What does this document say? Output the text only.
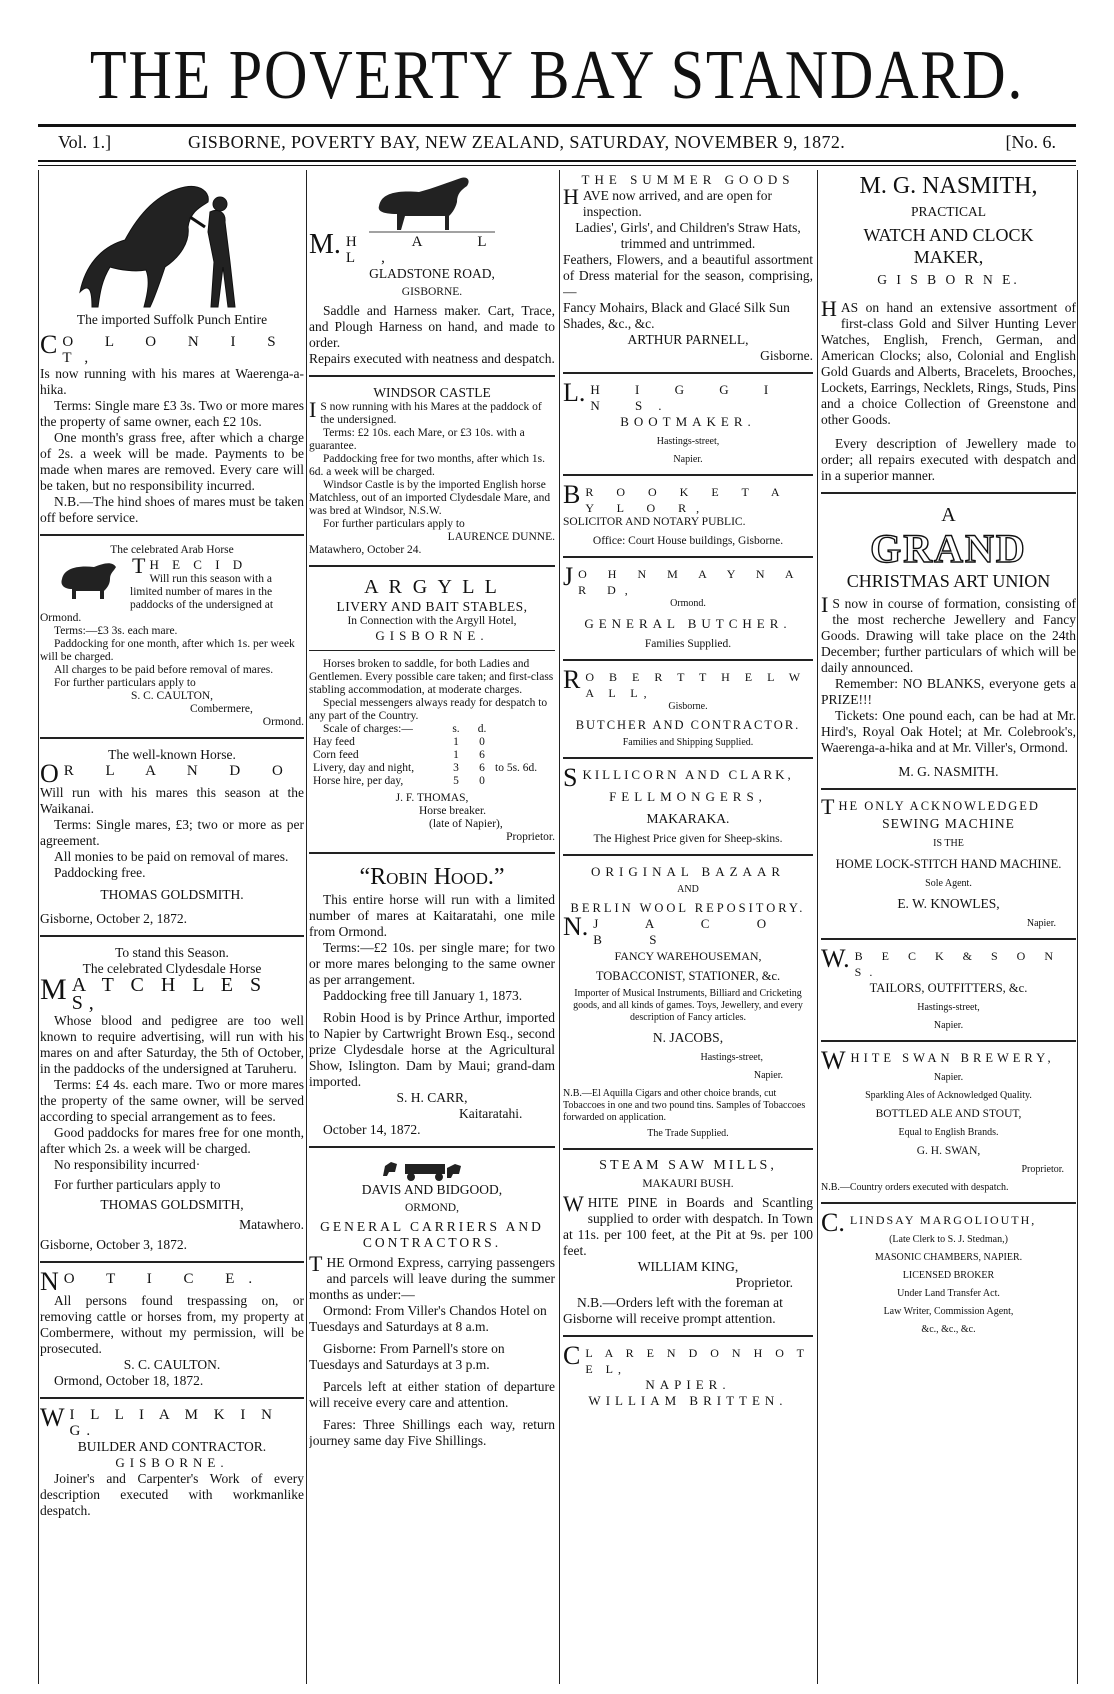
THE POVERTY BAY STANDARD.
Vol. 1.]	GISBORNE, POVERTY BAY, NEW ZEALAND, SATURDAY, NOVEMBER 9, 1872.	[No. 6.

The imported Suffolk Punch Entire

C O L O N I S T,

Is now running with his mares at Waerenga-a-hika.

Terms: Single mare £3 3s. Two or more mares the property of same owner, each £2 10s.

One month's grass free, after which a charge of 2s. a week will be made. Payments to be made when mares are removed. Every care will be taken, but no responsibility incurred.

N.B.—The hind shoes of mares must be taken off before service.

The celebrated Arab Horse

T H E C I D

Will run this season with a limited number of mares in the paddocks of the undersigned at Ormond.

Terms:—£3 3s. each mare.

Paddocking for one month, after which 1s. per week will be charged.

All charges to be paid before removal of mares.

For further particulars apply to

S. C. CAULTON,

Combermere,

Ormond.

The well-known Horse.

O R L A N D O

Will run with his mares this season at the Waikanai.

Terms: Single mares, £3; two or more as per agreement.

All monies to be paid on removal of mares.

Paddocking free.

THOMAS GOLDSMITH.

Gisborne, October 2, 1872.

To stand this Season.

The celebrated Clydesdale Horse

M A T C H L E S S,

Whose blood and pedigree are too well known to require advertising, will run with his mares on and after Saturday, the 5th of October, in the paddocks of the undersigned at Taruheru.

Terms: £4 4s. each mare. Two or more mares the property of the same owner, will be served according to special arrangement as to fees.

Good paddocks for mares free for one month, after which 2s. a week will be charged.

No responsibility incurred·

For further particulars apply to

THOMAS GOLDSMITH,

Matawhero.

Gisborne, October 3, 1872.

N O T I C E.

All persons found trespassing on, or removing cattle or horses from, my property at Combermere, without my permission, will be prosecuted.

S. C. CAULTON.

Ormond, October 18, 1872.

W I L L I A M K I N G.

BUILDER AND CONTRACTOR.

GISBORNE.

Joiner's and Carpenter's Work of every description executed with workmanlike despatch.

M. H A L L,

GLADSTONE ROAD,

GISBORNE.

Saddle and Harness maker. Cart, Trace, and Plough Harness on hand, and made to order.

Repairs executed with neatness and despatch.

WINDSOR CASTLE

I S now running with his Mares at the paddock of the undersigned.

Terms: £2 10s. each Mare, or £3 10s. with a guarantee.

Paddocking free for two months, after which 1s. 6d. a week will be charged.

Windsor Castle is by the imported English horse Matchless, out of an imported Clydesdale Mare, and was bred at Windsor, N.S.W.

For further particulars apply to

LAURENCE DUNNE.

Matawhero, October 24.

A R G Y L L

LIVERY AND BAIT STABLES,

In Connection with the Argyll Hotel,

GISBORNE.

Horses broken to saddle, for both Ladies and Gentlemen. Every possible care taken; and first-class stabling accommodation, at moderate charges.

Special messengers always ready for despatch to any part of the Country.

Scale of charges:—	s.	d.	
Hay feed	1	0	
Corn feed	1	6	
Livery, day and night,	3	6	to 5s. 6d.
Horse hire, per day,	5	0	

J. F. THOMAS,

Horse breaker.

(late of Napier),

Proprietor.

“Robin Hood.”

This entire horse will run with a limited number of mares at Kaitaratahi, one mile from Ormond.

Terms:—£2 10s. per single mare; for two or more mares belonging to the same owner as per arrangement.

Paddocking free till January 1, 1873.

Robin Hood is by Prince Arthur, imported to Napier by Cartwright Brown Esq., second prize Clydesdale horse at the Agricultural Show, Islington. Dam by Maui; grand-dam imported.

S. H. CARR,

Kaitaratahi.

October 14, 1872.

DAVIS AND BIDGOOD,

ORMOND,

GENERAL CARRIERS AND

CONTRACTORS.

T HE Ormond Express, carrying passengers and parcels will leave during the summer months as under:—

Ormond: From Viller's Chandos Hotel on Tuesdays and Saturdays at 8 a.m.

Gisborne: From Parnell's store on Tuesdays and Saturdays at 3 p.m.

Parcels left at either station of departure will receive every care and attention.

Fares: Three Shillings each way, return journey same day Five Shillings.

THE SUMMER GOODS

H AVE now arrived, and are open for inspection.

Ladies', Girls', and Children's Straw Hats, trimmed and untrimmed.

Feathers, Flowers, and a beautiful assortment of Dress material for the season, comprising,—

Fancy Mohairs, Black and Glacé Silk Sun Shades, &c., &c.

ARTHUR PARNELL,

Gisborne.

L. H I G G I N S.

BOOTMAKER.

Hastings-street,

Napier.

B R O O K E T A Y L O R,

SOLICITOR AND NOTARY PUBLIC.

Office: Court House buildings, Gisborne.

J O H N M A Y N A R D,

Ormond.

GENERAL BUTCHER.

Families Supplied.

R O B E R T T H E L W A L L,

Gisborne.

BUTCHER AND CONTRACTOR.

Families and Shipping Supplied.

S KILLICORN AND CLARK,

FELLMONGERS,

MAKARAKA.

The Highest Price given for Sheep-skins.

ORIGINAL BAZAAR

AND

BERLIN WOOL REPOSITORY.

N. J A C O B S

FANCY WAREHOUSEMAN,

TOBACCONIST, STATIONER, &c.

Importer of Musical Instruments, Billiard and Cricketing goods, and all kinds of games. Toys, Jewellery, and every description of Fancy articles.

N. JACOBS,

Hastings-street,

Napier.

N.B.—El Aquilla Cigars and other choice brands, cut Tobaccoes in one and two pound tins. Samples of Tobaccoes forwarded on application.

The Trade Supplied.

STEAM SAW MILLS,

MAKAURI BUSH.

W HITE PINE in Boards and Scantling supplied to order with despatch. In Town at 11s. per 100 feet, at the Pit at 9s. per 100 feet.

WILLIAM KING,

Proprietor.

N.B.—Orders left with the foreman at Gisborne will receive prompt attention.

C L A R E N D O N H O T E L,

NAPIER.

WILLIAM BRITTEN.

M. G. NASMITH,

PRACTICAL

WATCH AND CLOCK

MAKER,

G I S B O R N E.

H AS on hand an extensive assortment of first-class Gold and Silver Hunting Lever Watches, English, French, German, and American Clocks; also, Colonial and English Gold Guards and Alberts, Bracelets, Brooches, Lockets, Earrings, Necklets, Rings, Studs, Pins and a choice Collection of Greenstone and other Goods.

Every description of Jewellery made to order; all repairs executed with despatch and in a superior manner.

A

GRAND

CHRISTMAS ART UNION

I S now in course of formation, consisting of the most recherche Jewellery and Fancy Goods. Drawing will take place on the 24th December; further particulars of which will be daily announced.

Remember: NO BLANKS, everyone gets a PRIZE!!!

Tickets: One pound each, can be had at Mr. Hird's, Royal Oak Hotel; at Mr. Colebrook's, Waerenga-a-hika and at Mr. Viller's, Ormond.

M. G. NASMITH.

T HE ONLY ACKNOWLEDGED

SEWING MACHINE

IS THE

HOME LOCK-STITCH HAND MACHINE.

Sole Agent.

E. W. KNOWLES,

Napier.

W. B E C K & S O N S.

TAILORS, OUTFITTERS, &c.

Hastings-street,

Napier.

W HITE SWAN BREWERY,

Napier.

Sparkling Ales of Acknowledged Quality.

BOTTLED ALE AND STOUT,

Equal to English Brands.

G. H. SWAN,

Proprietor.

N.B.—Country orders executed with despatch.

C. LINDSAY MARGOLIOUTH,

(Late Clerk to S. J. Stedman,)

MASONIC CHAMBERS, NAPIER.

LICENSED BROKER

Under Land Transfer Act.

Law Writer, Commission Agent,

&c., &c., &c.
